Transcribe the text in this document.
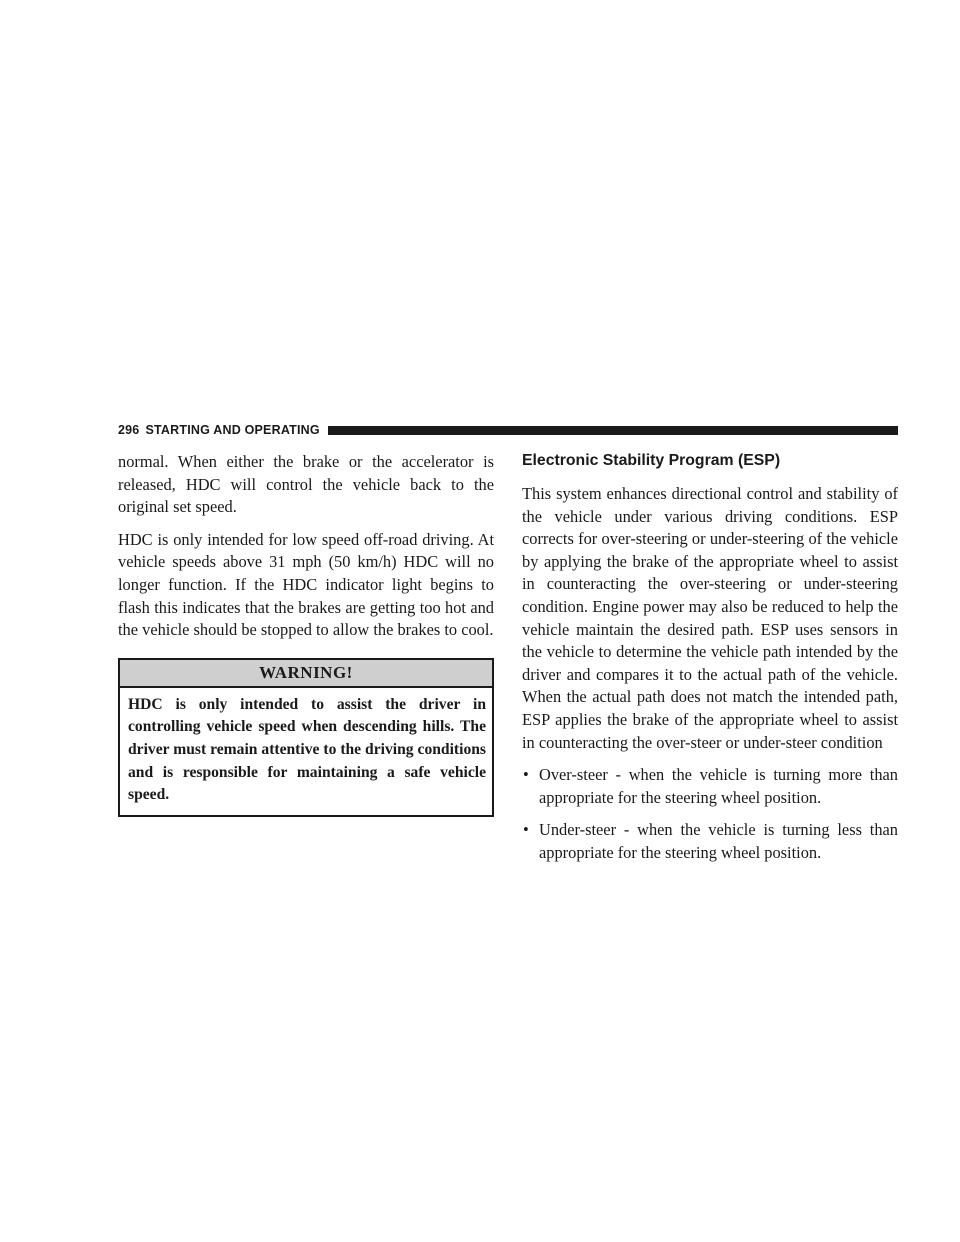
296 STARTING AND OPERATING

normal. When either the brake or the accelerator is released, HDC will control the vehicle back to the original set speed.

HDC is only intended for low speed off-road driving. At vehicle speeds above 31 mph (50 km/h) HDC will no longer function. If the HDC indicator light begins to flash this indicates that the brakes are getting too hot and the vehicle should be stopped to allow the brakes to cool.

WARNING!
HDC is only intended to assist the driver in controlling vehicle speed when descending hills. The driver must remain attentive to the driving conditions and is responsible for maintaining a safe vehicle speed.
Electronic Stability Program (ESP)

This system enhances directional control and stability of the vehicle under various driving conditions. ESP corrects for over-steering or under-steering of the vehicle by applying the brake of the appropriate wheel to assist in counteracting the over-steering or under-steering condition. Engine power may also be reduced to help the vehicle maintain the desired path. ESP uses sensors in the vehicle to determine the vehicle path intended by the driver and compares it to the actual path of the vehicle. When the actual path does not match the intended path, ESP applies the brake of the appropriate wheel to assist in counteracting the over-steer or under-steer condition

• Over-steer - when the vehicle is turning more than appropriate for the steering wheel position.
• Under-steer - when the vehicle is turning less than appropriate for the steering wheel position.
